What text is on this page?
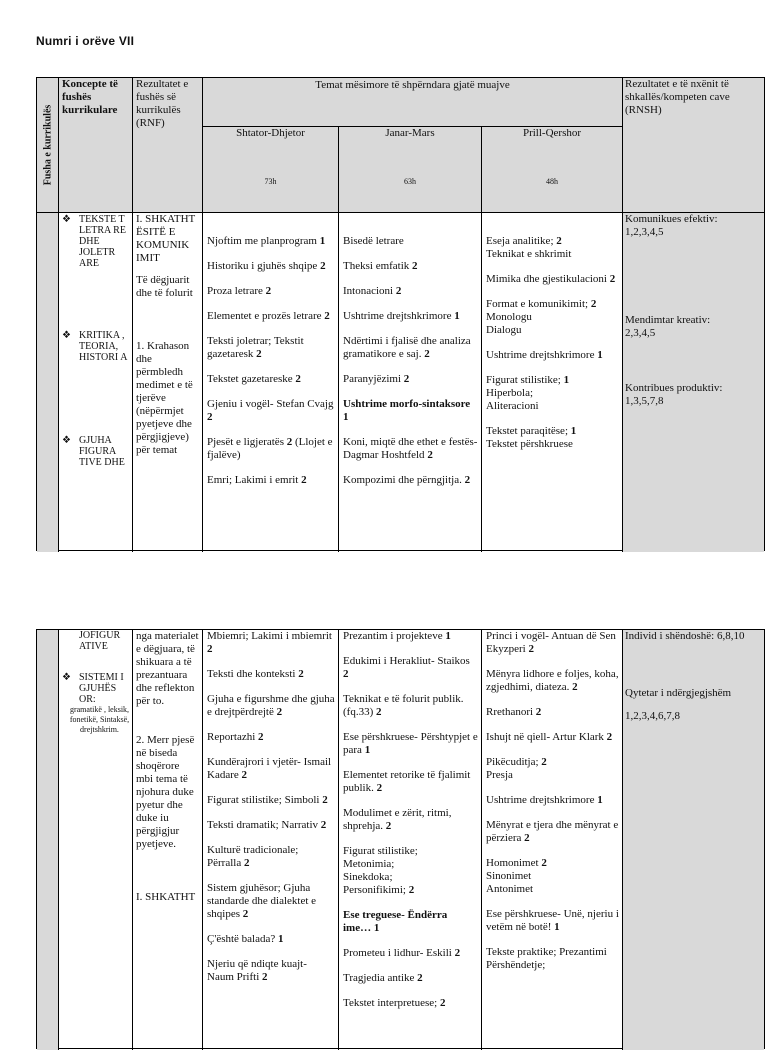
Numri i orëve VII
Fusha e kurrikulës
Koncepte të fushës kurrikulare
Rezultatet e fushës së kurrikulës (RNF)
Temat mësimore të shpërndara gjatë muajve
Shtator-Dhjetor
73h
Janar-Mars
63h
Prill-Qershor
48h
Rezultatet e të nxënit të shkallës/kompeten cave (RNSH)
❖ TEKSTE T LETRA RE DHE JOLETR ARE
❖ KRITIKA , TEORIA, HISTORI A
❖ GJUHA FIGURA TIVE DHE

I. SHKATHT ËSITË E KOMUNIK IMIT

Të dëgjuarit dhe të folurit

1. Krahason dhe përmbledh medimet e të tjerëve (nëpërmjet pyetjeve dhe përgjigjeve) për temat

Njoftim me planprogram 1
Historiku i gjuhës shqipe 2
Proza letrare 2
Elementet e prozës letrare 2
Teksti joletrar; Tekstit gazetaresk 2
Tekstet gazetareske 2
Gjeniu i vogël- Stefan Cvajg 2
Pjesët e ligjeratës 2 (Llojet e fjalëve)
Emri; Lakimi i emrit 2
Bisedë letrare
Theksi emfatik 2
Intonacioni 2
Ushtrime drejtshkrimore 1
Ndërtimi i fjalisë dhe analiza gramatikore e saj. 2
Paranyjëzimi 2
Ushtrime morfo-sintaksore 1
Koni, miqtë dhe ethet e festës- Dagmar Hoshtfeld 2
Kompozimi dhe përngjitja. 2
Eseja analitike; 2
Teknikat e shkrimit
Mimika dhe gjestikulacioni 2
Format e komunikimit; 2
Monologu
Dialogu
Ushtrime drejtshkrimore 1
Figurat stilistike; 1
Hiperbola;
Aliteracioni
Tekstet paraqitëse; 1
Tekstet përshkruese

Komunikues efektiv:

1,2,3,4,5

Mendimtar kreativ:

2,3,4,5

Kontribues produktiv:

1,3,5,7,8

JOFIGUR ATIVE
❖ SISTEMI I GJUHËS OR:
gramatikë , leksik, fonetikë, Sintaksë, drejtshkrim.

nga materialet e dëgjuara, të shikuara a të prezantuara dhe reflekton për to.

2. Merr pjesë në biseda shoqërore mbi tema të njohura duke pyetur dhe duke iu përgjigjur pyetjeve.

I. SHKATHT

Mbiemri; Lakimi i mbiemrit 2
Teksti dhe konteksti 2
Gjuha e figurshme dhe gjuha e drejtpërdrejtë 2
Reportazhi 2
Kundërajrori i vjetër- Ismail Kadare 2
Figurat stilistike; Simboli 2
Teksti dramatik; Narrativ 2
Kulturë tradicionale; Përralla 2
Sistem gjuhësor; Gjuha standarde dhe dialektet e shqipes 2
Ç'është balada? 1
Njeriu që ndiqte kuajt- Naum Prifti 2
Prezantim i projekteve 1
Edukimi i Herakliut- Staikos 2
Teknikat e të folurit publik. (fq.33) 2
Ese përshkruese- Përshtypjet e para 1
Elementet retorike të fjalimit publik. 2
Modulimet e zërit, ritmi, shprehja. 2
Figurat stilistike;
Metonimia;
Sinekdoka;
Personifikimi; 2
Ese treguese- Ëndërra ime… 1
Prometeu i lidhur- Eskili 2
Tragjedia antike 2
Tekstet interpretuese; 2
Princi i vogël- Antuan dë Sen Ekyzperi 2
Mënyra lidhore e foljes, koha, zgjedhimi, diateza. 2
Rrethanori 2
Ishujt në qiell- Artur Klark 2
Pikëcuditja; 2
Presja
Ushtrime drejtshkrimore 1
Mënyrat e tjera dhe mënyrat e përziera 2
Homonimet 2
Sinonimet
Antonimet
Ese përshkruese- Unë, njeriu i vetëm në botë! 1
Tekste praktike; Prezantimi Përshëndetje;

Individ i shëndoshë: 6,8,10

Qytetar i ndërgjegjshëm

1,2,3,4,6,7,8
